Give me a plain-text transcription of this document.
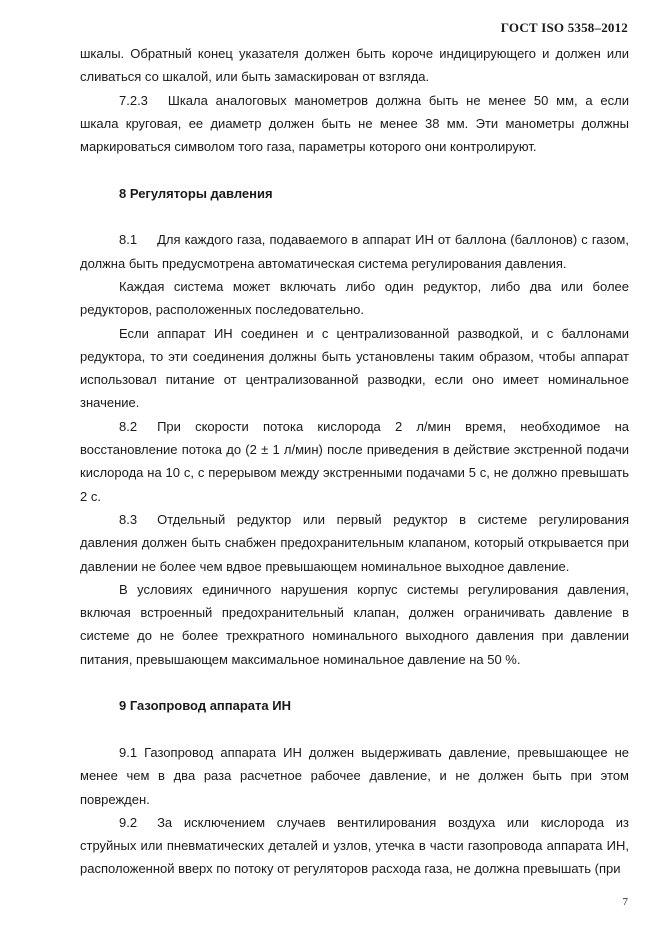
ГОСТ ISO 5358–2012

шкалы. Обратный конец указателя должен быть короче индицирующего и должен или сливаться со шкалой, или быть замаскирован от взгляда.

7.2.3 Шкала аналоговых манометров должна быть не менее 50 мм, а если шкала круговая, ее диаметр должен быть не менее 38 мм. Эти манометры должны маркироваться символом того газа, параметры которого они контролируют.

8 Регуляторы давления

8.1 Для каждого газа, подаваемого в аппарат ИН от баллона (баллонов) с газом, должна быть предусмотрена автоматическая система регулирования давления.

Каждая система может включать либо один редуктор, либо два или более редукторов, расположенных последовательно.

Если аппарат ИН соединен и с централизованной разводкой, и с баллонами редуктора, то эти соединения должны быть установлены таким образом, чтобы аппарат использовал питание от централизованной разводки, если оно имеет номинальное значение.

8.2 При скорости потока кислорода 2 л/мин время, необходимое на восстановление потока до (2 ± 1 л/мин) после приведения в действие экстренной подачи кислорода на 10 с, с перерывом между экстренными подачами 5 с, не должно превышать 2 с.

8.3 Отдельный редуктор или первый редуктор в системе регулирования давления должен быть снабжен предохранительным клапаном, который открывается при давлении не более чем вдвое превышающем номинальное выходное давление.

В условиях единичного нарушения корпус системы регулирования давления, включая встроенный предохранительный клапан, должен ограничивать давление в системе до не более трехкратного номинального выходного давления при давлении питания, превышающем максимальное номинальное давление на 50 %.

9 Газопровод аппарата ИН

9.1 Газопровод аппарата ИН должен выдерживать давление, превышающее не менее чем в два раза расчетное рабочее давление, и не должен быть при этом поврежден.

9.2 За исключением случаев вентилирования воздуха или кислорода из струйных или пневматических деталей и узлов, утечка в части газопровода аппарата ИН, расположенной вверх по потоку от регуляторов расхода газа, не должна превышать (при

7
